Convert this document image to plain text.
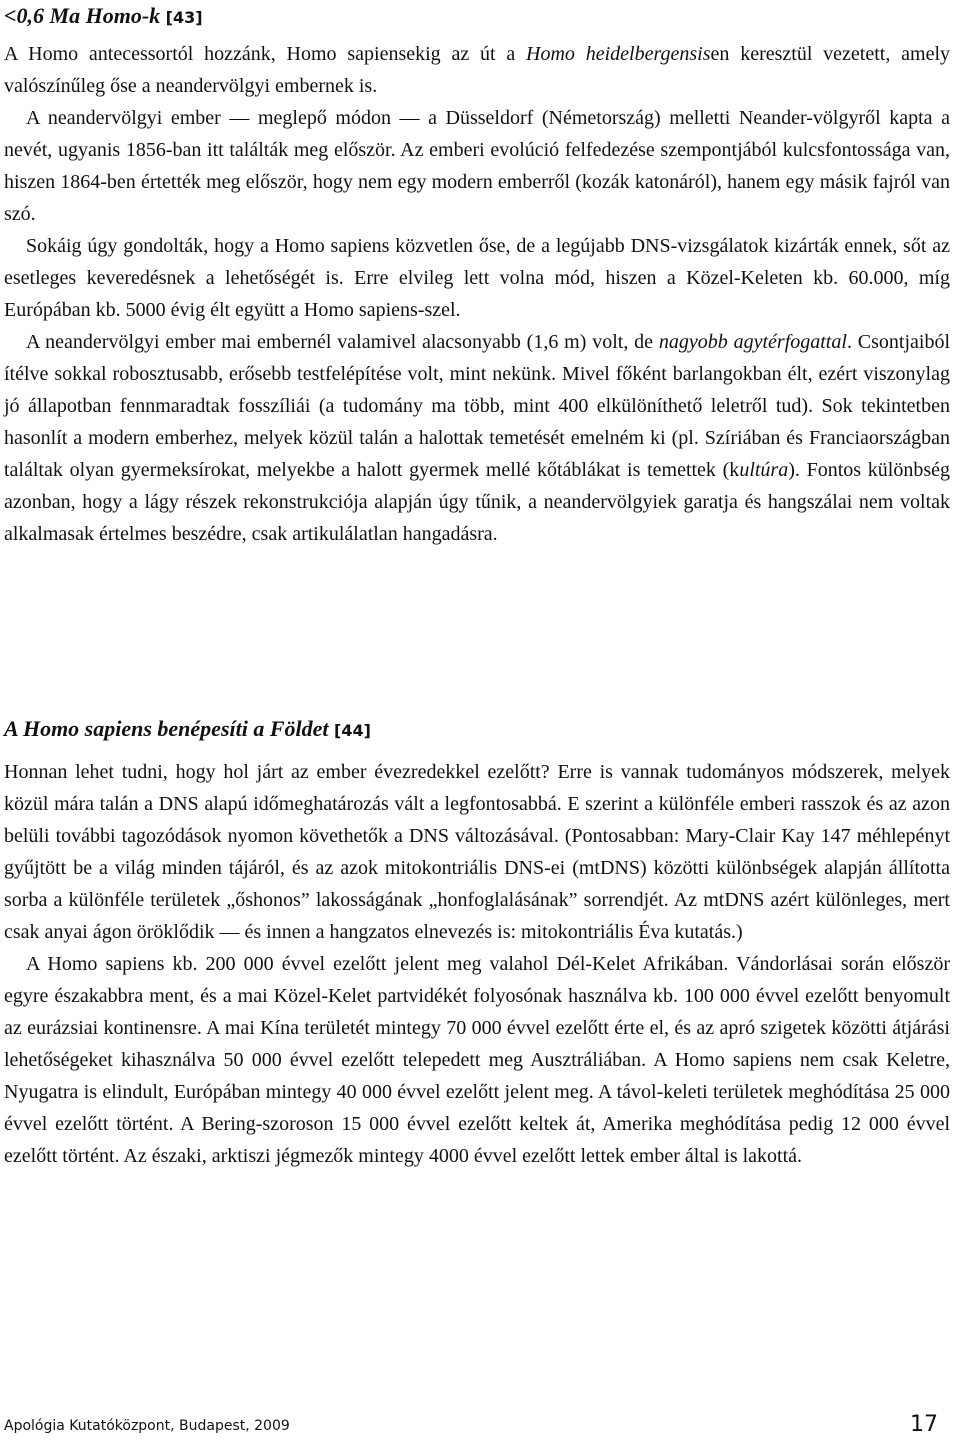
<0,6 Ma Homo-k [43]

A Homo antecessortól hozzánk, Homo sapiensekig az út a Homo heidelbergensisen keresztül vezetett, amely valószínűleg őse a neandervölgyi embernek is.

A neandervölgyi ember — meglepő módon — a Düsseldorf (Németország) melletti Neander-völgyről kapta a nevét, ugyanis 1856-ban itt találták meg először. Az emberi evolúció felfedezése szempontjából kulcsfontossága van, hiszen 1864-ben értették meg először, hogy nem egy modern emberről (kozák katonáról), hanem egy másik fajról van szó.

Sokáig úgy gondolták, hogy a Homo sapiens közvetlen őse, de a legújabb DNS-vizsgálatok kizárták ennek, sőt az esetleges keveredésnek a lehetőségét is. Erre elvileg lett volna mód, hiszen a Közel-Keleten kb. 60.000, míg Európában kb. 5000 évig élt együtt a Homo sapiens-szel.

A neandervölgyi ember mai embernél valamivel alacsonyabb (1,6 m) volt, de nagyobb agytérfogattal. Csontjaiból ítélve sokkal robosztusabb, erősebb testfelépítése volt, mint nekünk. Mivel főként barlangokban élt, ezért viszonylag jó állapotban fennmaradtak fosszíliái (a tudomány ma több, mint 400 elkülöníthető leletről tud). Sok tekintetben hasonlít a modern emberhez, melyek közül talán a halottak temetését emelném ki (pl. Szíriában és Franciaországban találtak olyan gyermeksírokat, melyekbe a halott gyermek mellé kőtáblákat is temettek (kultúra). Fontos különbség azonban, hogy a lágy részek rekonstrukciója alapján úgy tűnik, a neandervölgyiek garatja és hangszálai nem voltak alkalmasak értelmes beszédre, csak artikulálatlan hangadásra.

A Homo sapiens benépesíti a Földet [44]

Honnan lehet tudni, hogy hol járt az ember évezredekkel ezelőtt? Erre is vannak tudományos módszerek, melyek közül mára talán a DNS alapú időmeghatározás vált a legfontosabbá. E szerint a különféle emberi rasszok és az azon belüli további tagozódások nyomon követhetők a DNS változásával. (Pontosabban: Mary-Clair Kay 147 méhlepényt gyűjtött be a világ minden tájáról, és az azok mitokontriális DNS-ei (mtDNS) közötti különbségek alapján állította sorba a különféle területek „őshonos” lakosságának „honfoglalásának” sorrendjét. Az mtDNS azért különleges, mert csak anyai ágon öröklődik — és innen a hangzatos elnevezés is: mitokontriális Éva kutatás.)

A Homo sapiens kb. 200 000 évvel ezelőtt jelent meg valahol Dél-Kelet Afrikában. Vándorlásai során először egyre északabbra ment, és a mai Közel-Kelet partvidékét folyosónak használva kb. 100 000 évvel ezelőtt benyomult az eurázsiai kontinensre. A mai Kína területét mintegy 70 000 évvel ezelőtt érte el, és az apró szigetek közötti átjárási lehetőségeket kihasználva 50 000 évvel ezelőtt telepedett meg Ausztráliában. A Homo sapiens nem csak Keletre, Nyugatra is elindult, Európában mintegy 40 000 évvel ezelőtt jelent meg. A távol-keleti területek meghódítása 25 000 évvel ezelőtt történt. A Bering-szoroson 15 000 évvel ezelőtt keltek át, Amerika meghódítása pedig 12 000 évvel ezelőtt történt. Az északi, arktiszi jégmezők mintegy 4000 évvel ezelőtt lettek ember által is lakottá.

Apológia Kutatóközpont, Budapest, 2009	17
